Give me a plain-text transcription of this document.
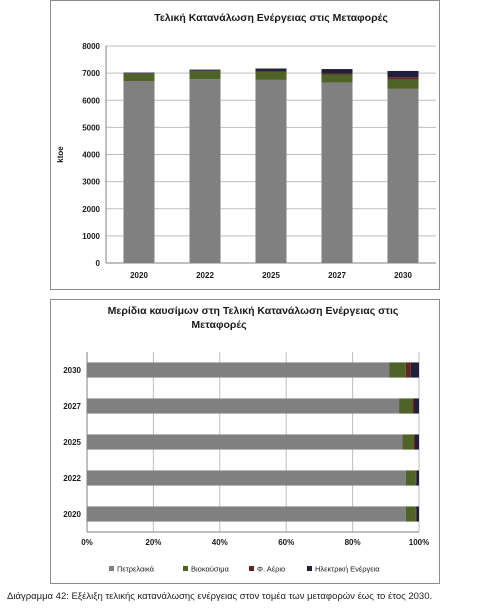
Τελική Κατανάλωση Ενέργειας στις Μεταφορές
0
1000
2000
3000
4000
5000
6000
7000
8000
ktoe
2020	2022	2025	2027	2030
Μερίδια καυσίμων στη Τελική Κατανάλωση Ενέργειας στις
Μεταφορές
0%	20%	40%	60%	80%	100%
2030
2027
2025
2022
2020
Πετρελαικά	Βιοκαύσιμα	Φ. Αέριο	Ηλεκτρική Ενέργεια
Διάγραμμα 42: Εξέλιξη τελικής κατανάλωσης ενέργειας στον τομέα των μεταφορών έως το έτος 2030.
